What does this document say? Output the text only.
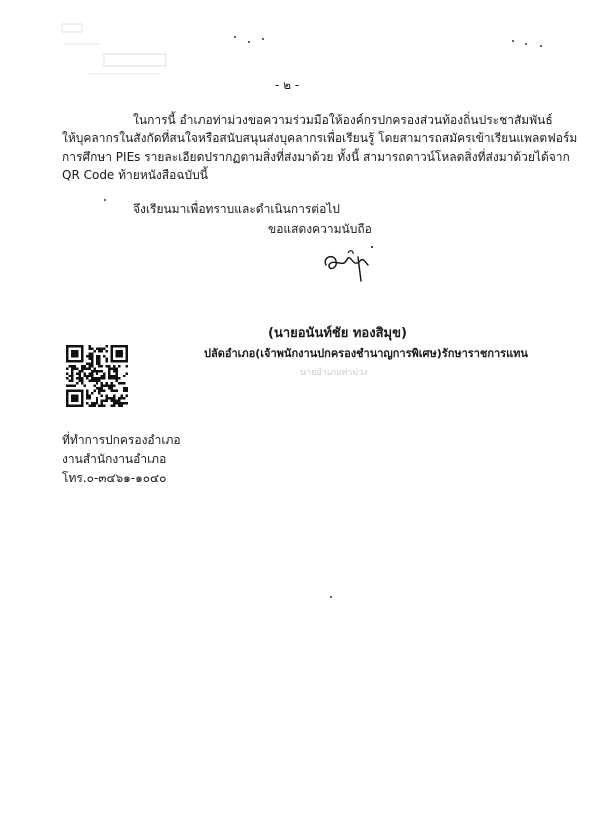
- ๒ -
ในการนี้ อำเภอท่าม่วงขอความร่วมมือให้องค์กรปกครองส่วนท้องถิ่นประชาสัมพันธ์
ให้บุคลากรในสังกัดที่สนใจหรือสนับสนุนส่งบุคลากรเพื่อเรียนรู้ โดยสามารถสมัครเข้าเรียนแพลตฟอร์ม
การศึกษา PIEs รายละเอียดปรากฏตามสิ่งที่ส่งมาด้วย ทั้งนี้ สามารถดาวน์โหลดสิ่งที่ส่งมาด้วยได้จาก
QR Code ท้ายหนังสือฉบับนี้
จึงเรียนมาเพื่อทราบและดำเนินการต่อไป
ขอแสดงความนับถือ
(นายอนันท์ชัย ทองสิมุข)
ปลัดอำเภอ(เจ้าพนักงานปกครองชำนาญการพิเศษ)รักษาราชการแทน
นายอำเภอท่าม่วง
ที่ทำการปกครองอำเภอ
งานสำนักงานอำเภอ
โทร.๐-๓๔๖๑-๑๐๔๐
